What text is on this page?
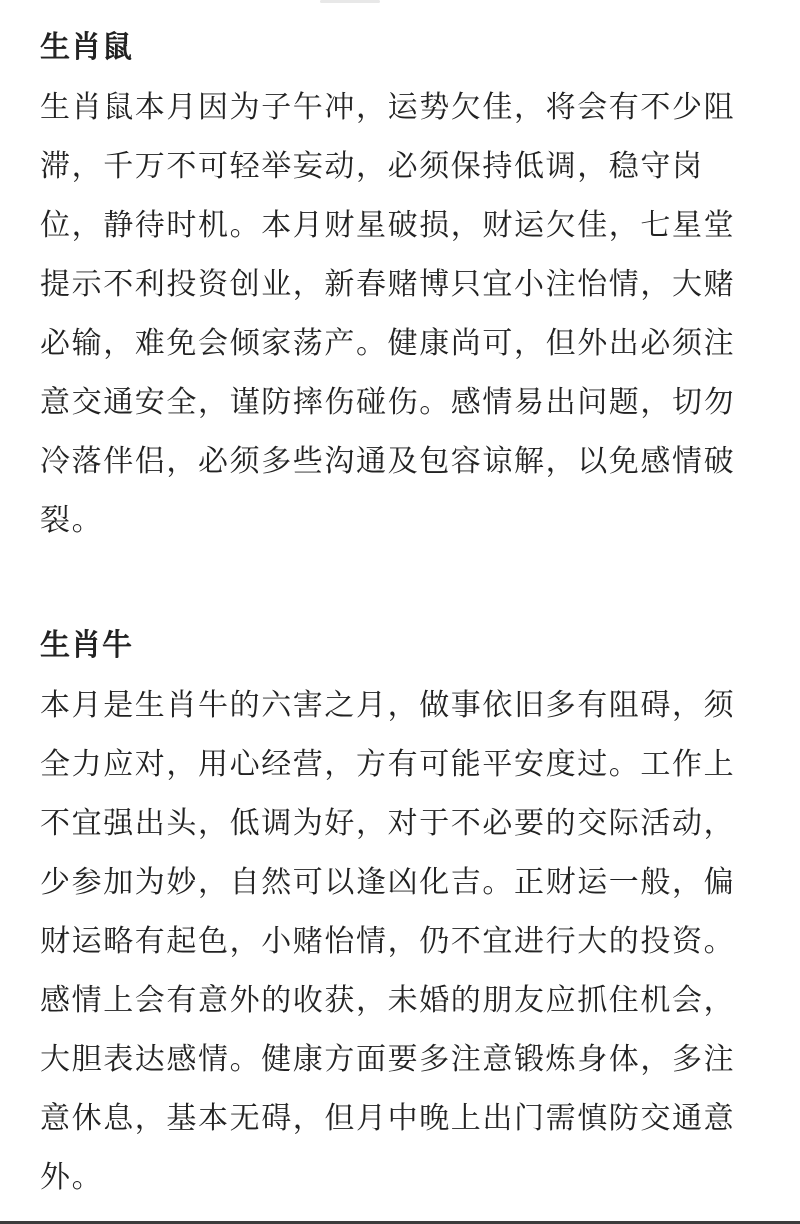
生肖鼠
生肖鼠本月因为子午冲，运势欠佳，将会有不少阻
滞，千万不可轻举妄动，必须保持低调，稳守岗
位，静待时机。本月财星破损，财运欠佳，七星堂
提示不利投资创业，新春赌博只宜小注怡情，大赌
必输，难免会倾家荡产。健康尚可，但外出必须注
意交通安全，谨防摔伤碰伤。感情易出问题，切勿
冷落伴侣，必须多些沟通及包容谅解，以免感情破
裂。
生肖牛
本月是生肖牛的六害之月，做事依旧多有阻碍，须
全力应对，用心经营，方有可能平安度过。工作上
不宜强出头，低调为好，对于不必要的交际活动，
少参加为妙，自然可以逢凶化吉。正财运一般，偏
财运略有起色，小赌怡情，仍不宜进行大的投资。
感情上会有意外的收获，未婚的朋友应抓住机会，
大胆表达感情。健康方面要多注意锻炼身体，多注
意休息，基本无碍，但月中晚上出门需慎防交通意
外。
